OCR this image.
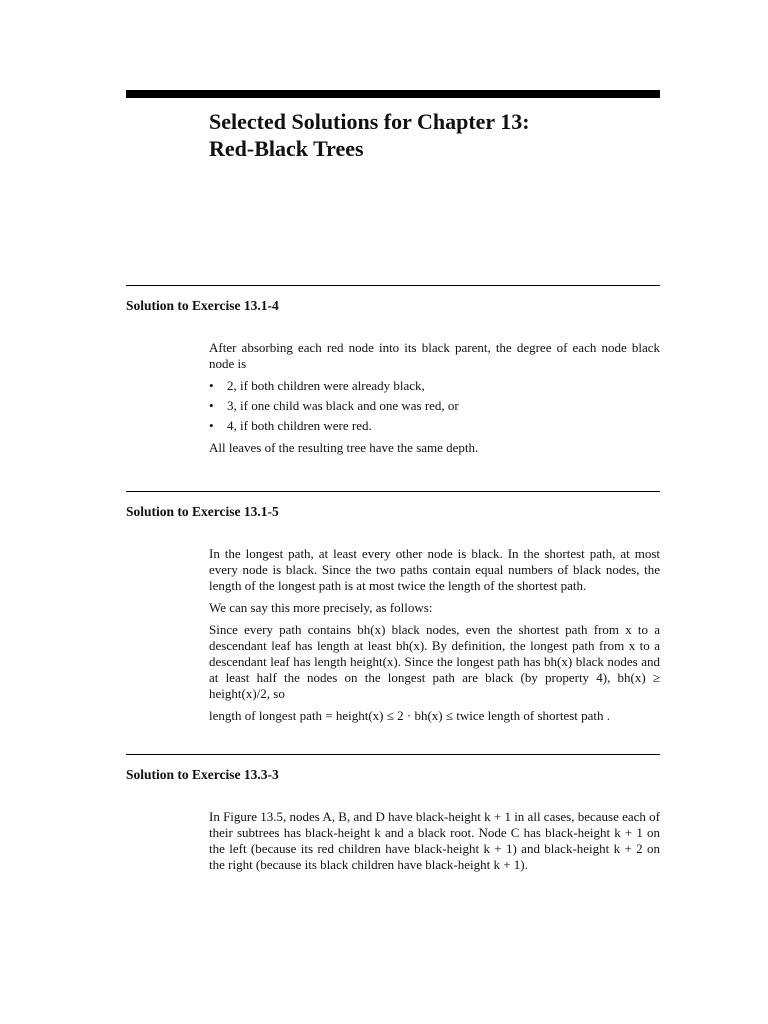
Selected Solutions for Chapter 13:
Red-Black Trees
Solution to Exercise 13.1-4

After absorbing each red node into its black parent, the degree of each node black node is

• 2, if both children were already black,
• 3, if one child was black and one was red, or
• 4, if both children were red.

All leaves of the resulting tree have the same depth.

Solution to Exercise 13.1-5

In the longest path, at least every other node is black. In the shortest path, at most every node is black. Since the two paths contain equal numbers of black nodes, the length of the longest path is at most twice the length of the shortest path.

We can say this more precisely, as follows:

Since every path contains bh(x) black nodes, even the shortest path from x to a descendant leaf has length at least bh(x). By definition, the longest path from x to a descendant leaf has length height(x). Since the longest path has bh(x) black nodes and at least half the nodes on the longest path are black (by property 4), bh(x) ≥ height(x)/2, so

length of longest path = height(x) ≤ 2 · bh(x) ≤ twice length of shortest path .

Solution to Exercise 13.3-3

In Figure 13.5, nodes A, B, and D have black-height k + 1 in all cases, because each of their subtrees has black-height k and a black root. Node C has black-height k + 1 on the left (because its red children have black-height k + 1) and black-height k + 2 on the right (because its black children have black-height k + 1).
